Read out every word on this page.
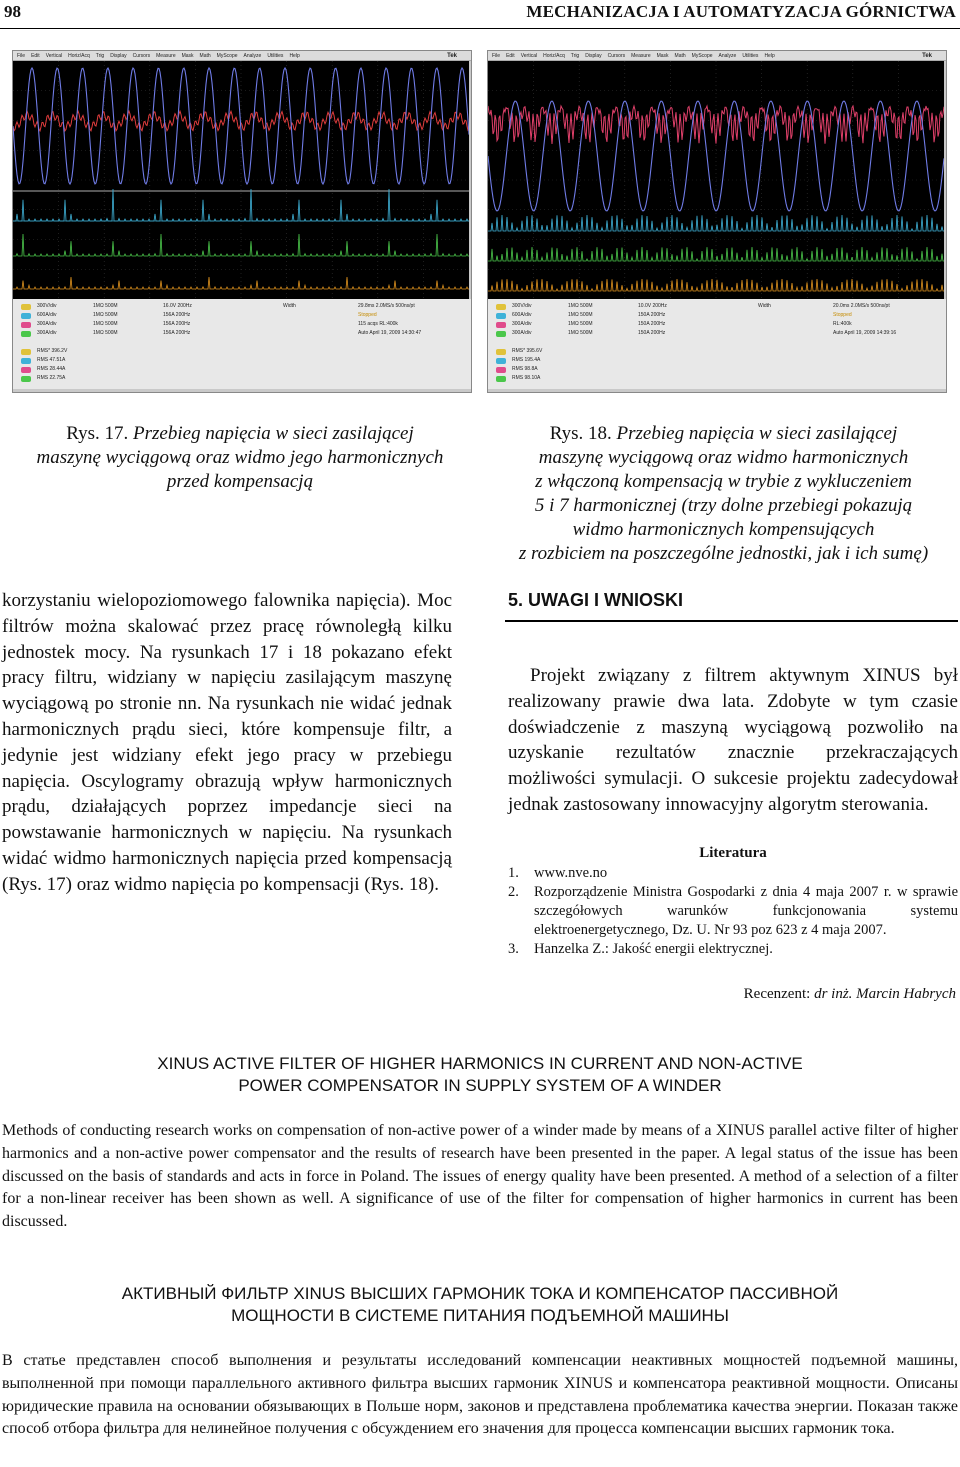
98	MECHANIZACJA I AUTOMATYZACJA GÓRNICTWA
File Edit Vertical Horiz/Acq Trig Display Cursors Measure Mask Math MyScope Analyze Utilities Help	Tek
300V/div
600A/div
300A/div
300A/div
1MΩ 500M
1MΩ 500M
1MΩ 500M
1MΩ 500M
16.0V 200Hz
156A 200Hz
156A 200Hz
156A 200Hz
Width	29.8ms 2.0MS/s 500ns/pt
Stopped
115 acqs RL:400k
Auto April 19, 2009 14:30:47
RMS* 396.2V
RMS 47.51A
RMS 28.44A
RMS 22.75A
File Edit Vertical Horiz/Acq Trig Display Cursors Measure Mask Math MyScope Analyze Utilities Help	Tek
300V/div
600A/div
300A/div
300A/div
1MΩ 500M
1MΩ 500M
1MΩ 500M
1MΩ 500M
10.0V 200Hz
150A 200Hz
150A 200Hz
150A 200Hz
Width	20.0ms 2.0MS/s 500ns/pt
Stopped
RL:400k
Auto April 19, 2009 14:39:16
RMS* 395.6V
RMS 195.4A
RMS 98.8A
RMS 98.10A
Rys. 17. Przebieg napięcia w sieci zasilającej
maszynę wyciągową oraz widmo jego harmonicznych
przed kompensacją
Rys. 18. Przebieg napięcia w sieci zasilającej
maszynę wyciągową oraz widmo harmonicznych
z włączoną kompensacją w trybie z wykluczeniem
5 i 7 harmonicznej (trzy dolne przebiegi pokazują
widmo harmonicznych kompensujących
z rozbiciem na poszczególne jednostki, jak i ich sumę)
korzystaniu wielopoziomowego falownika napięcia). Moc filtrów można skalować przez pracę równoległą kilku jednostek mocy. Na rysunkach 17 i 18 pokazano efekt pracy filtru, widziany w napięciu zasilającym maszynę wyciągową po stronie nn. Na rysunkach nie widać jednak harmonicznych prądu sieci, które kompensuje filtr, a jedynie jest widziany efekt jego pracy w przebiegu napięcia. Oscylogramy obrazują wpływ harmonicznych prądu, działających poprzez impedancje sieci na powstawanie harmonicznych w napięciu. Na rysunkach widać widmo harmonicznych napięcia przed kompensacją (Rys. 17) oraz widmo napięcia po kompensacji (Rys. 18).
5. UWAGI I WNIOSKI
Projekt związany z filtrem aktywnym XINUS był realizowany prawie dwa lata. Zdobyte w tym czasie doświadczenie z maszyną wyciągową pozwoliło na uzyskanie rezultatów znacznie przekraczających możliwości symulacji. O sukcesie projektu zadecydował jednak zastosowany innowacyjny algorytm sterowania.
Literatura
1.	www.nve.no
2.	Rozporządzenie Ministra Gospodarki z dnia 4 maja 2007 r. w sprawie szczegółowych warunków funkcjonowania systemu elektroenergetycznego, Dz. U. Nr 93 poz 623 z 4 maja 2007.
3.	Hanzelka Z.: Jakość energii elektrycznej.
Recenzent: dr inż. Marcin Habrych
XINUS ACTIVE FILTER OF HIGHER HARMONICS IN CURRENT AND NON-ACTIVE
POWER COMPENSATOR IN SUPPLY SYSTEM OF A WINDER
Methods of conducting research works on compensation of non-active power of a winder made by means of a XINUS parallel active filter of higher harmonics and a non-active power compensator and the results of research have been presented in the paper. A legal status of the issue has been discussed on the basis of standards and acts in force in Poland. The issues of energy quality have been presented. A method of a selection of a filter for a non-linear receiver has been shown as well. A significance of use of the filter for compensation of higher harmonics in current has been discussed.
АКТИВНЫЙ ФИЛЬТР XINUS ВЫСШИХ ГАРМОНИК ТОКА И КОМПЕНСАТОР ПАССИВНОЙ
МОЩНОСТИ В СИСТЕМЕ ПИТАНИЯ ПОДЪЕМНОЙ МАШИНЫ
В статье представлен способ выполнения и результаты исследований компенсации неактивных мощностей подъемной машины, выполненной при помощи параллельного активного фильтра высших гармоник XINUS и компенсатора реактивной мощности. Описаны юридические правила на основании обязывающих в Польше норм, законов и представлена проблематика качества энергии. Показан также способ отбора фильтра для нелинейное получения с обсуждением его значения для процесса компенсации высших гармоник тока.
